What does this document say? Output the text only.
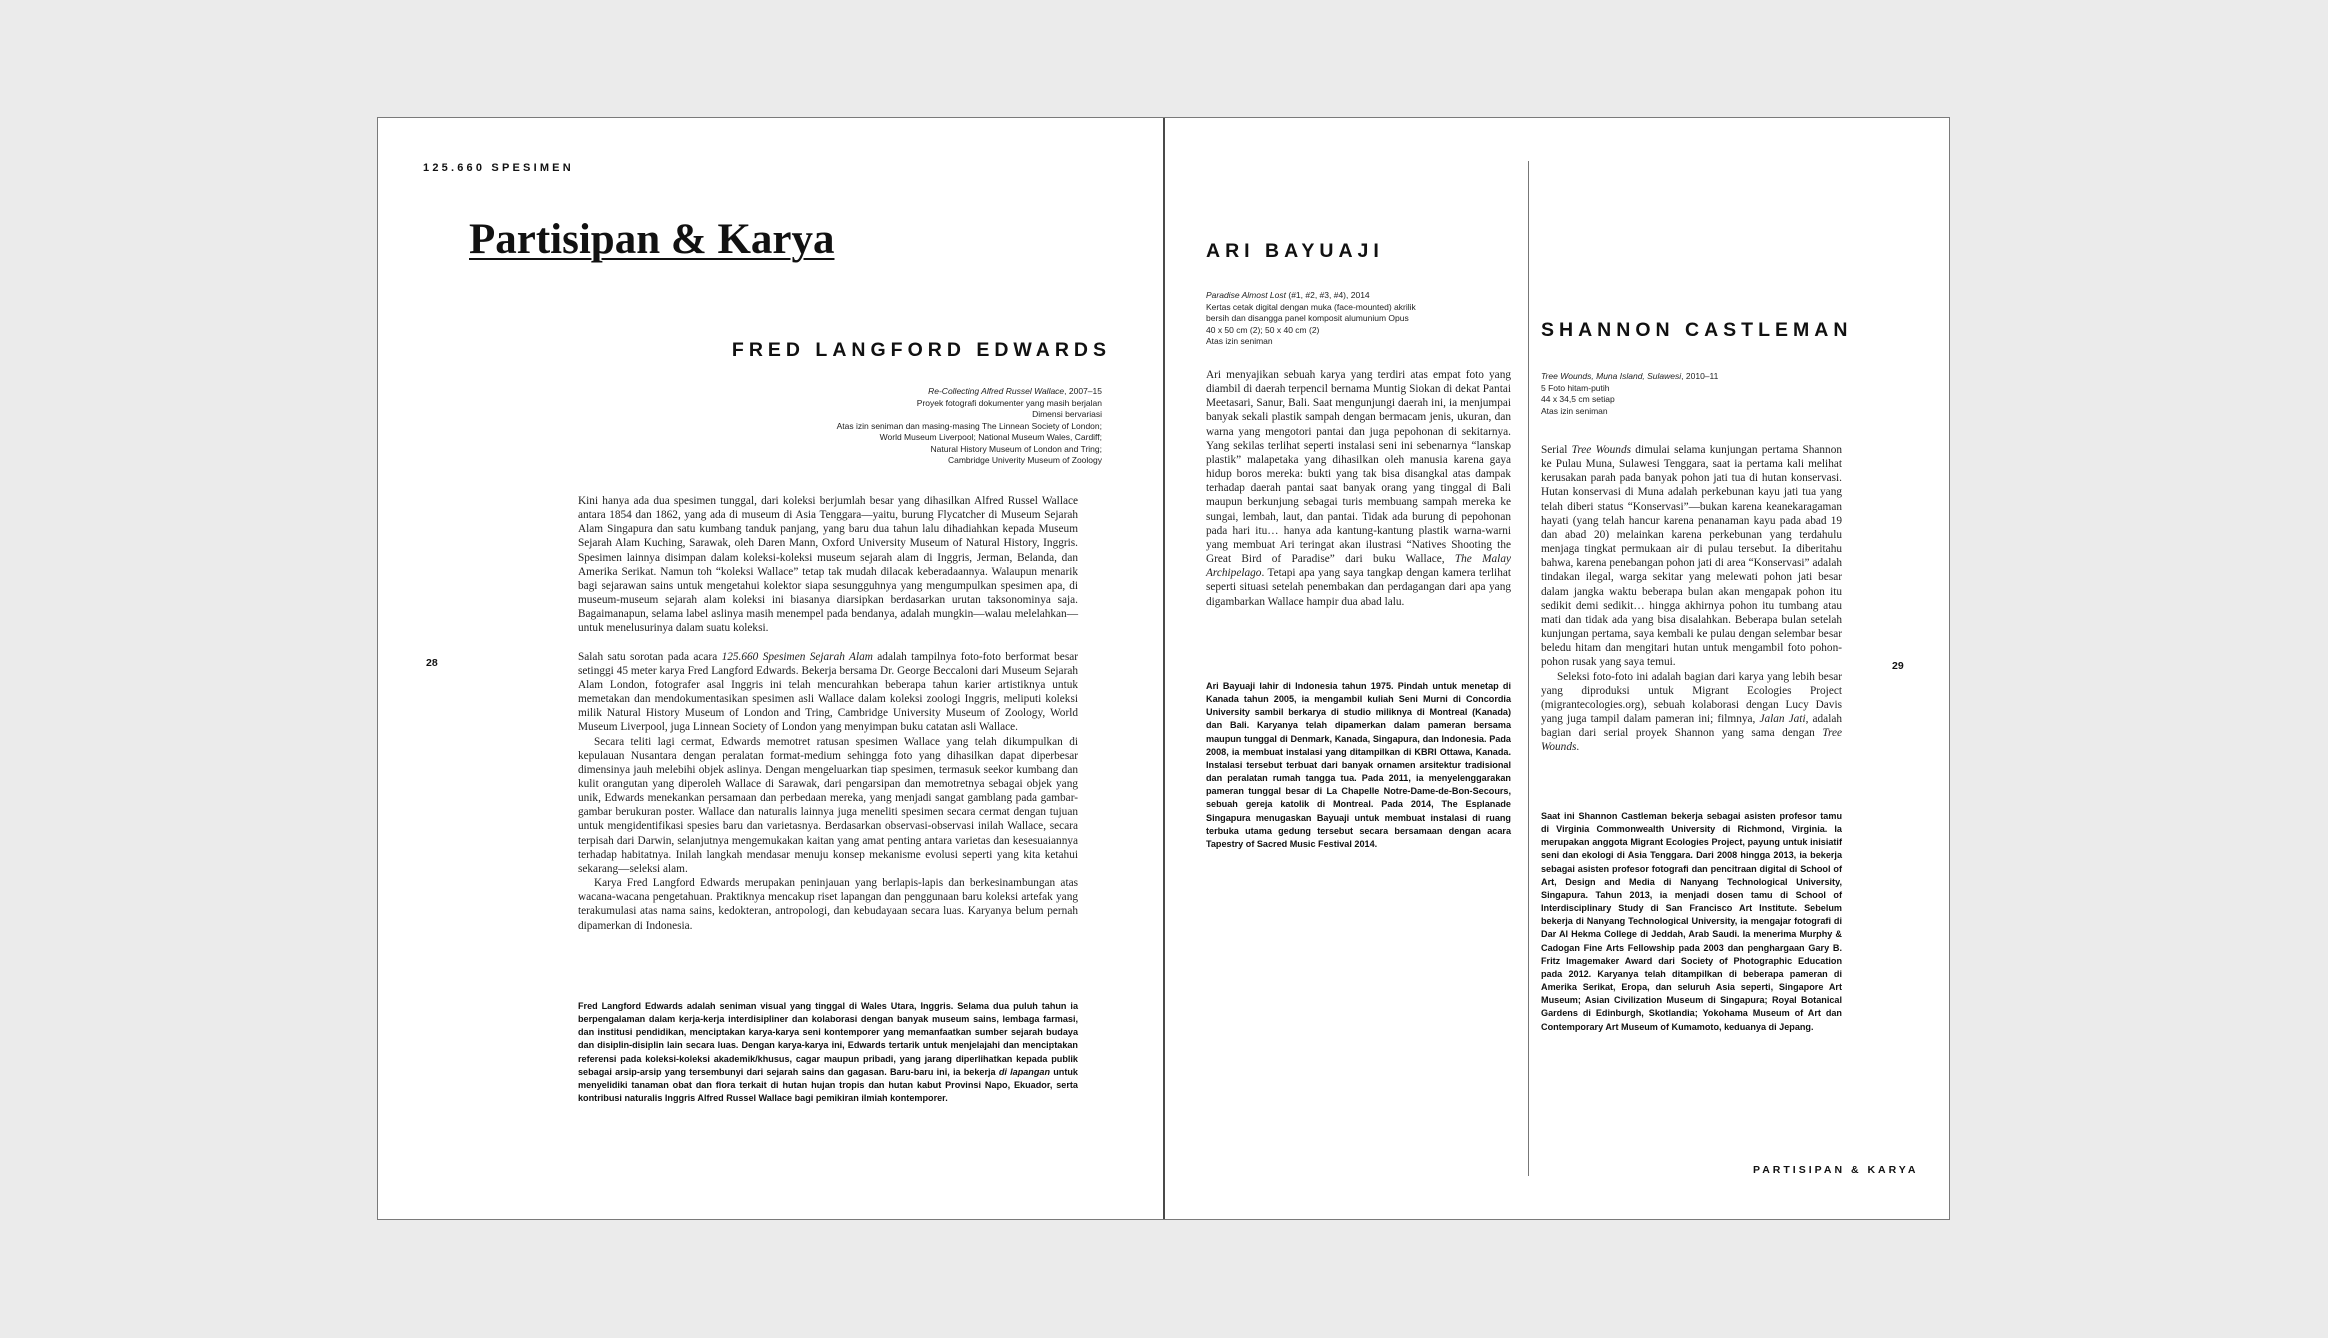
125.660 SPESIMEN
28
Partisipan & Karya
FRED LANGFORD EDWARDS
Re-Collecting Alfred Russel Wallace, 2007–15
Proyek fotografi dokumenter yang masih berjalan
Dimensi bervariasi
Atas izin seniman dan masing-masing The Linnean Society of London;
World Museum Liverpool; National Museum Wales, Cardiff;
Natural History Museum of London and Tring;
Cambridge Univerity Museum of Zoology

Kini hanya ada dua spesimen tunggal, dari koleksi berjumlah besar yang dihasilkan Alfred Russel Wallace antara 1854 dan 1862, yang ada di museum di Asia Tenggara—yaitu, burung Flycatcher di Museum Sejarah Alam Singapura dan satu kumbang tanduk panjang, yang baru dua tahun lalu dihadiahkan kepada Museum Sejarah Alam Kuching, Sarawak, oleh Daren Mann, Oxford University Museum of Natural History, Inggris. Spesimen lainnya disimpan dalam koleksi-koleksi museum sejarah alam di Inggris, Jerman, Belanda, dan Amerika Serikat. Namun toh “koleksi Wallace” tetap tak mudah dilacak keberadaannya. Walaupun menarik bagi sejarawan sains untuk mengetahui kolektor siapa sesungguhnya yang mengumpulkan spesimen apa, di museum-museum sejarah alam koleksi ini biasanya diarsipkan berdasarkan urutan taksonominya saja. Bagaimanapun, selama label aslinya masih menempel pada bendanya, adalah mungkin—walau melelahkan—untuk menelusurinya dalam suatu koleksi.

Salah satu sorotan pada acara 125.660 Spesimen Sejarah Alam adalah tampilnya foto-foto berformat besar setinggi 45 meter karya Fred Langford Edwards. Bekerja bersama Dr. George Beccaloni dari Museum Sejarah Alam London, fotografer asal Inggris ini telah mencurahkan beberapa tahun karier artistiknya untuk memetakan dan mendokumentasikan spesimen asli Wallace dalam koleksi zoologi Inggris, meliputi koleksi milik Natural History Museum of London and Tring, Cambridge University Museum of Zoology, World Museum Liverpool, juga Linnean Society of London yang menyimpan buku catatan asli Wallace.

Secara teliti lagi cermat, Edwards memotret ratusan spesimen Wallace yang telah dikumpulkan di kepulauan Nusantara dengan peralatan format-medium sehingga foto yang dihasilkan dapat diperbesar dimensinya jauh melebihi objek aslinya. Dengan mengeluarkan tiap spesimen, termasuk seekor kumbang dan kulit orangutan yang diperoleh Wallace di Sarawak, dari pengarsipan dan memotretnya sebagai objek yang unik, Edwards menekankan persamaan dan perbedaan mereka, yang menjadi sangat gamblang pada gambar-gambar berukuran poster. Wallace dan naturalis lainnya juga meneliti spesimen secara cermat dengan tujuan untuk mengidentifikasi spesies baru dan varietasnya. Berdasarkan observasi-observasi inilah Wallace, secara terpisah dari Darwin, selanjutnya mengemukakan kaitan yang amat penting antara varietas dan kesesuaiannya terhadap habitatnya. Inilah langkah mendasar menuju konsep mekanisme evolusi seperti yang kita ketahui sekarang—seleksi alam.

Karya Fred Langford Edwards merupakan peninjauan yang berlapis-lapis dan berkesinambungan atas wacana-wacana pengetahuan. Praktiknya mencakup riset lapangan dan penggunaan baru koleksi artefak yang terakumulasi atas nama sains, kedokteran, antropologi, dan kebudayaan secara luas. Karyanya belum pernah dipamerkan di Indonesia.

Fred Langford Edwards adalah seniman visual yang tinggal di Wales Utara, Inggris. Selama dua puluh tahun ia berpengalaman dalam kerja-kerja interdisipliner dan kolaborasi dengan banyak museum sains, lembaga farmasi, dan institusi pendidikan, menciptakan karya-karya seni kontemporer yang memanfaatkan sumber sejarah budaya dan disiplin-disiplin lain secara luas. Dengan karya-karya ini, Edwards tertarik untuk menjelajahi dan menciptakan referensi pada koleksi-koleksi akademik/khusus, cagar maupun pribadi, yang jarang diperlihatkan kepada publik sebagai arsip-arsip yang tersembunyi dari sejarah sains dan gagasan. Baru-baru ini, ia bekerja di lapangan untuk menyelidiki tanaman obat dan flora terkait di hutan hujan tropis dan hutan kabut Provinsi Napo, Ekuador, serta kontribusi naturalis Inggris Alfred Russel Wallace bagi pemikiran ilmiah kontemporer.

ARI BAYUAJI
Paradise Almost Lost (#1, #2, #3, #4), 2014
Kertas cetak digital dengan muka (face-mounted) akrilik
bersih dan disangga panel komposit alumunium Opus
40 x 50 cm (2); 50 x 40 cm (2)
Atas izin seniman

Ari menyajikan sebuah karya yang terdiri atas empat foto yang diambil di daerah terpencil bernama Muntig Siokan di dekat Pantai Meetasari, Sanur, Bali. Saat mengunjungi daerah ini, ia menjumpai banyak sekali plastik sampah dengan bermacam jenis, ukuran, dan warna yang mengotori pantai dan juga pepohonan di sekitarnya. Yang sekilas terlihat seperti instalasi seni ini sebenarnya “lanskap plastik” malapetaka yang dihasilkan oleh manusia karena gaya hidup boros mereka: bukti yang tak bisa disangkal atas dampak terhadap daerah pantai saat banyak orang yang tinggal di Bali maupun berkunjung sebagai turis membuang sampah mereka ke sungai, lembah, laut, dan pantai. Tidak ada burung di pepohonan pada hari itu… hanya ada kantung-kantung plastik warna-warni yang membuat Ari teringat akan ilustrasi “Natives Shooting the Great Bird of Paradise” dari buku Wallace, The Malay Archipelago. Tetapi apa yang saya tangkap dengan kamera terlihat seperti situasi setelah penembakan dan perdagangan dari apa yang digambarkan Wallace hampir dua abad lalu.

Ari Bayuaji lahir di Indonesia tahun 1975. Pindah untuk menetap di Kanada tahun 2005, ia mengambil kuliah Seni Murni di Concordia University sambil berkarya di studio miliknya di Montreal (Kanada) dan Bali. Karyanya telah dipamerkan dalam pameran bersama maupun tunggal di Denmark, Kanada, Singapura, dan Indonesia. Pada 2008, ia membuat instalasi yang ditampilkan di KBRI Ottawa, Kanada. Instalasi tersebut terbuat dari banyak ornamen arsitektur tradisional dan peralatan rumah tangga tua. Pada 2011, ia menyelenggarakan pameran tunggal besar di La Chapelle Notre-Dame-de-Bon-Secours, sebuah gereja katolik di Montreal. Pada 2014, The Esplanade Singapura menugaskan Bayuaji untuk membuat instalasi di ruang terbuka utama gedung tersebut secara bersamaan dengan acara Tapestry of Sacred Music Festival 2014.

SHANNON CASTLEMAN
Tree Wounds, Muna Island, Sulawesi, 2010–11
5 Foto hitam-putih
44 x 34,5 cm setiap
Atas izin seniman

Serial Tree Wounds dimulai selama kunjungan pertama Shannon ke Pulau Muna, Sulawesi Tenggara, saat ia pertama kali melihat kerusakan parah pada banyak pohon jati tua di hutan konservasi. Hutan konservasi di Muna adalah perkebunan kayu jati tua yang telah diberi status “Konservasi”—bukan karena keanekaragaman hayati (yang telah hancur karena penanaman kayu pada abad 19 dan abad 20) melainkan karena perkebunan yang terdahulu menjaga tingkat permukaan air di pulau tersebut. Ia diberitahu bahwa, karena penebangan pohon jati di area “Konservasi” adalah tindakan ilegal, warga sekitar yang melewati pohon jati besar dalam jangka waktu beberapa bulan akan mengapak pohon itu sedikit demi sedikit… hingga akhirnya pohon itu tumbang atau mati dan tidak ada yang bisa disalahkan. Beberapa bulan setelah kunjungan pertama, saya kembali ke pulau dengan selembar besar beledu hitam dan mengitari hutan untuk mengambil foto pohon-pohon rusak yang saya temui.

Seleksi foto-foto ini adalah bagian dari karya yang lebih besar yang diproduksi untuk Migrant Ecologies Project (migrantecologies.org), sebuah kolaborasi dengan Lucy Davis yang juga tampil dalam pameran ini; filmnya, Jalan Jati, adalah bagian dari serial proyek Shannon yang sama dengan Tree Wounds.

Saat ini Shannon Castleman bekerja sebagai asisten profesor tamu di Virginia Commonwealth University di Richmond, Virginia. Ia merupakan anggota Migrant Ecologies Project, payung untuk inisiatif seni dan ekologi di Asia Tenggara. Dari 2008 hingga 2013, ia bekerja sebagai asisten profesor fotografi dan pencitraan digital di School of Art, Design and Media di Nanyang Technological University, Singapura. Tahun 2013, ia menjadi dosen tamu di School of Interdisciplinary Study di San Francisco Art Institute. Sebelum bekerja di Nanyang Technological University, ia mengajar fotografi di Dar Al Hekma College di Jeddah, Arab Saudi. Ia menerima Murphy & Cadogan Fine Arts Fellowship pada 2003 dan penghargaan Gary B. Fritz Imagemaker Award dari Society of Photographic Education pada 2012. Karyanya telah ditampilkan di beberapa pameran di Amerika Serikat, Eropa, dan seluruh Asia seperti, Singapore Art Museum; Asian Civilization Museum di Singapura; Royal Botanical Gardens di Edinburgh, Skotlandia; Yokohama Museum of Art dan Contemporary Art Museum of Kumamoto, keduanya di Jepang.

29
PARTISIPAN & KARYA
